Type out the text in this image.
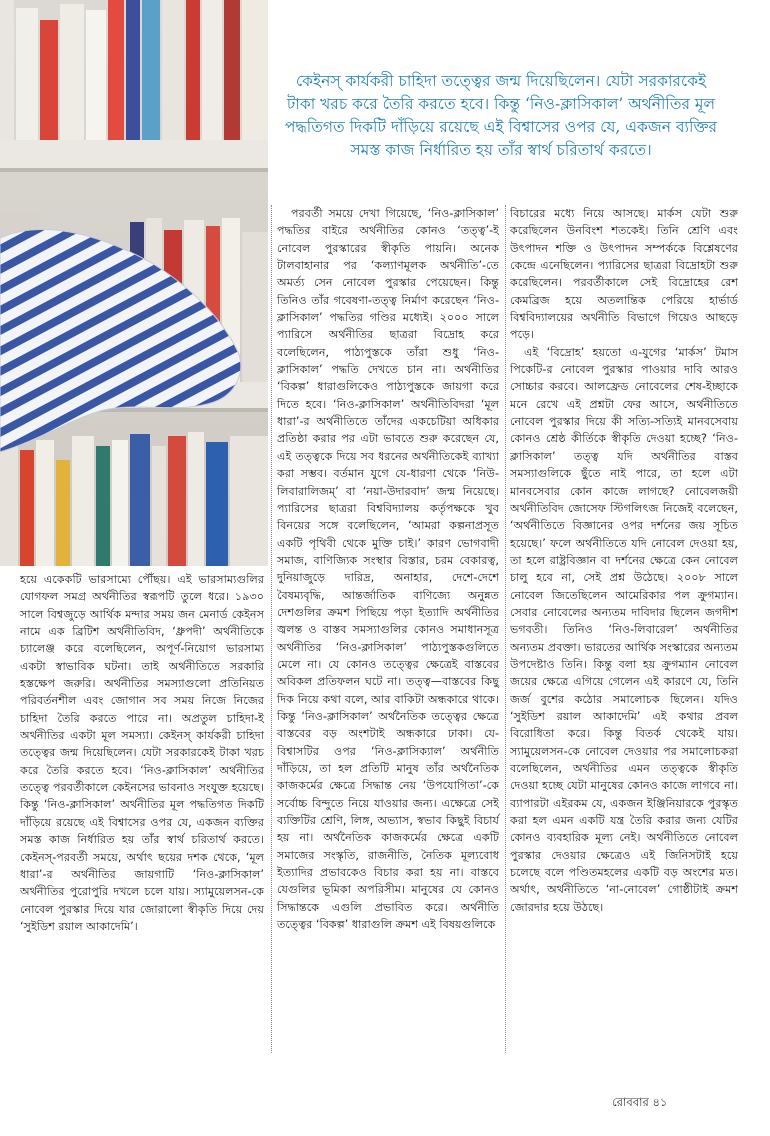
কেইনস্‌ কার্যকরী চাহিদা তত্ত্বের জন্ম দিয়েছিলেন। যেটা সরকারকেই টাকা খরচ করে তৈরি করতে হবে। কিন্তু ‘নিও-ক্লাসিকাল’ অর্থনীতির মূল পদ্ধতিগত দিকটি দাঁড়িয়ে রয়েছে এই বিশ্বাসের ওপর যে, একজন ব্যক্তির সমস্ত কাজ নির্ধারিত হয় তাঁর স্বার্থ চরিতার্থ করতে।

হয়ে একেকটি ভারসাম্যে পৌঁছয়। এই ভারসাম্যগুলির যোগফল সমগ্র অর্থনীতির স্বরূপটি তুলে ধরে। ১৯৩০ সালে বিশ্বজুড়ে আর্থিক মন্দার সময় জন মেনার্ড কেইনস নামে এক ব্রিটিশ অর্থনীতিবিদ, ‘ধ্রুপদী’ অর্থনীতিকে চ্যালেঞ্জ করে বলেছিলেন, অপূর্ণ-নিয়োগ ভারসাম্য একটা স্বাভাবিক ঘটনা। তাই অর্থনীতিতে সরকারি হস্তক্ষেপ জরুরি। অর্থনীতির সমস্যাগুলো প্রতিনিয়ত পরিবর্তনশীল এবং জোগান সব সময় নিজে নিজের চাহিদা তৈরি করতে পারে না। অপ্রতুল চাহিদা-ই অর্থনীতির একটা মূল সমস্যা। কেইনস্‌ কার্যকরী চাহিদা তত্ত্বের জন্ম দিয়েছিলেন। যেটা সরকারকেই টাকা খরচ করে তৈরি করতে হবে। ‘নিও-ক্লাসিকাল’ অর্থনীতির তত্ত্বে পরবর্তীকালে কেইনসের ভাবনাও সংযুক্ত হয়েছে। কিন্তু ‘নিও-ক্লাসিকাল’ অর্থনীতির মূল পদ্ধতিগত দিকটি দাঁড়িয়ে রয়েছে এই বিশ্বাসের ওপর যে, একজন ব্যক্তির সমস্ত কাজ নির্ধারিত হয় তাঁর স্বার্থ চরিতার্থ করতে। কেইনস্‌-পরবর্তী সময়ে, অর্থাৎ ছয়ের দশক থেকে, ‘মূল ধারা’-র অর্থনীতির জায়গাটি ‘নিও-ক্লাসিকাল’ অর্থনীতির পুরোপুরি দখলে চলে যায়। স্যামুয়েলসন-কে নোবেল পুরস্কার দিয়ে যার জোরালো স্বীকৃতি দিয়ে দেয় ‘সুইডিশ রয়াল আকাদেমি’।

পরবর্তী সময়ে দেখা গিয়েছে, ‘নিও-ক্লাসিকাল’ পদ্ধতির বাইরে অর্থনীতির কোনও ‘তত্ত্ব’-ই নোবেল পুরস্কারের স্বীকৃতি পায়নি। অনেক টালবাহানার পর ‘কল্যাণমূলক অর্থনীতি’-তে অমর্ত্য সেন নোবেল পুরস্কার পেয়েছেন। কিন্তু তিনিও তাঁর গবেষণা-তত্ত্ব নির্মাণ করেছেন ‘নিও-ক্লাসিকাল’ পদ্ধতির গণ্ডির মধ্যেই। ২০০০ সালে প্যারিসে অর্থনীতির ছাত্ররা বিদ্রোহ করে বলেছিলেন, পাঠ্যপুস্তকে তাঁরা শুধু ‘নিও-ক্লাসিকাল’ পদ্ধতি দেখতে চান না। অর্থনীতির ‘বিকল্প’ ধারাগুলিকেও পাঠ্যপুস্তকে জায়গা করে দিতে হবে। ‘নিও-ক্লাসিকাল’ অর্থনীতিবিদরা ‘মূল ধারা’-র অর্থনীতিতে তাঁদের একচেটিয়া অধিকার প্রতিষ্ঠা করার পর এটা ভাবতে শুরু করেছেন যে, এই তত্ত্বকে দিয়ে সব ধরনের অর্থনীতিকেই ব্যাখ্যা করা সম্ভব। বর্তমান যুগে যে-ধারণা থেকে ‘নিউ-লিবারালিজম্‌’ বা ‘নয়া-উদারবাদ’ জন্ম নিয়েছে। প্যারিসের ছাত্ররা বিশ্ববিদ্যালয় কর্তৃপক্ষকে খুব বিনয়ের সঙ্গে বলেছিলেন, ‘আমরা কল্পনাপ্রসূত একটি পৃথিবী থেকে মুক্তি চাই।’ কারণ ভোগবাদী সমাজ, বাণিজ্যিক সংস্থার বিস্তার, চরম বেকারত্ব, দুনিয়াজুড়ে দারিদ্র, অনাহার, দেশে-দেশে বৈষম্যবৃদ্ধি, আন্তর্জাতিক বাণিজ্যে অনুন্নত দেশগুলির ক্রমশ পিছিয়ে পড়া ইত্যাদি অর্থনীতির জ্বলন্ত ও বাস্তব সমস্যাগুলির কোনও সমাধানসূত্র অর্থনীতির ‘নিও-ক্লাসিকাল’ পাঠ্যপুস্তকগুলিতে মেলে না। যে কোনও তত্ত্বের ক্ষেত্রেই বাস্তবের অবিকল প্রতিফলন ঘটে না। তত্ত্ব—বাস্তবের কিছু দিক নিয়ে কথা বলে, আর বাকিটা অন্ধকারে থাকে। কিন্তু ‘নিও-ক্লাসিকাল’ অর্থনৈতিক তত্ত্বের ক্ষেত্রে বাস্তবের বড় অংশটাই অন্ধকারে ঢাকা। যে-বিশ্বাসটির ওপর ‘নিও-ক্লাসিক্যাল’ অর্থনীতি দাঁড়িয়ে, তা হল প্রতিটি মানুষ তাঁর অর্থনৈতিক কাজকর্মের ক্ষেত্রে সিদ্ধান্ত নেয় ‘উপযোগিতা’-কে সর্বোচ্চ বিন্দুতে নিয়ে যাওয়ার জন্য। এক্ষেত্রে সেই ব্যক্তিটির শ্রেণি, লিঙ্গ, অভ্যাস, স্বভাব কিছুই বিচার্য হয় না। অর্থনৈতিক কাজকর্মের ক্ষেত্রে একটি সমাজের সংস্কৃতি, রাজনীতি, নৈতিক মূল্যবোধ ইত্যাদির প্রভাবকেও বিচার করা হয় না। বাস্তবে যেগুলির ভূমিকা অপরিসীম। মানুষের যে কোনও সিদ্ধান্তকে এগুলি প্রভাবিত করে। অর্থনীতি তত্ত্বের ‘বিকল্প’ ধারাগুলি ক্রমশ এই বিষয়গুলিকে

বিচারের মধ্যে নিয়ে আসছে। মার্কস যেটা শুরু করেছিলেন উনবিংশ শতকেই। তিনি শ্রেণি এবং উৎপাদন শক্তি ও উৎপাদন সম্পর্ককে বিশ্লেষণের কেন্দ্রে এনেছিলেন। প্যারিসের ছাত্ররা বিদ্রোহটা শুরু করেছিলেন। পরবর্তীকালে সেই বিদ্রোহের রেশ কেমব্রিজ হয়ে অতলান্তিক পেরিয়ে হার্ভার্ড বিশ্ববিদ্যালয়ের অর্থনীতি বিভাগে গিয়েও আছড়ে পড়ে।

এই ‘বিদ্রোহ’ হয়তো এ-যুগের ‘মার্কস’ টমাস পিকেটি-র নোবেল পুরস্কার পাওয়ার দাবি আরও সোচ্চার করবে। আলফ্রেড নোবেলের শেষ-ইচ্ছাকে মনে রেখে এই প্রশ্নটা ফের আসে, অর্থনীতিতে নোবেল পুরস্কার দিয়ে কী সত্যি-সত্যিই মানবসেবায় কোনও শ্রেষ্ঠ কীর্তিকে স্বীকৃতি দেওয়া হচ্ছে? ‘নিও-ক্লাসিকাল’ তত্ত্ব যদি অর্থনীতির বাস্তব সমস্যাগুলিকে ছুঁতে নাই পারে, তা হলে এটা মানবসেবার কোন কাজে লাগছে? নোবেলজয়ী অর্থনীতিবিদ জোসেফ স্টিগলিৎজ নিজেই বলেছেন, ‘অর্থনীতিতে বিজ্ঞানের ওপর দর্শনের জয় সূচিত হয়েছে।’ ফলে অর্থনীতিতে যদি নোবেল দেওয়া হয়, তা হলে রাষ্ট্রবিজ্ঞান বা দর্শনের ক্ষেত্রে কেন নোবেল চালু হবে না, সেই প্রশ্ন উঠেছে। ২০০৮ সালে নোবেল জিতেছিলেন আমেরিকার পল ক্রুগম্যান। সেবার নোবেলের অন্যতম দাবিদার ছিলেন জগদীশ ভগবতী। তিনিও ‘নিও-লিবারেল’ অর্থনীতির অন্যতম প্রবক্তা। ভারতের আর্থিক সংস্কারের অন্যতম উপদেষ্টাও তিনি। কিন্তু বলা হয় ক্রুগম্যান নোবেল জয়ের ক্ষেত্রে এগিয়ে গেলেন এই কারণে যে, তিনি জর্জ বুশের কঠোর সমালোচক ছিলেন। যদিও ‘সুইডিশ রয়াল আকাদেমি’ এই কথার প্রবল বিরোধিতা করে। কিন্তু বিতর্ক থেকেই যায়। স্যামুয়েলসন-কে নোবেল দেওয়ার পর সমালোচকরা বলেছিলেন, অর্থনীতির এমন তত্ত্বকে স্বীকৃতি দেওয়া হচ্ছে যেটা মানুষের কোনও কাজে লাগবে না। ব্যাপারটা এইরকম যে, একজন ইঞ্জিনিয়ারকে পুরস্কৃত করা হল এমন একটি যন্ত্র তৈরি করার জন্য যেটির কোনও ব্যবহারিক মূল্য নেই। অর্থনীতিতে নোবেল পুরস্কার দেওয়ার ক্ষেত্রেও এই জিনিসটাই হয়ে চলেছে বলে পণ্ডিতমহলের একটি বড় অংশের মত। অর্থাৎ, অর্থনীতিতে ‘না-নোবেল’ গোষ্ঠীটাই ক্রমশ জোরদার হয়ে উঠছে।

রোববার ৪১
